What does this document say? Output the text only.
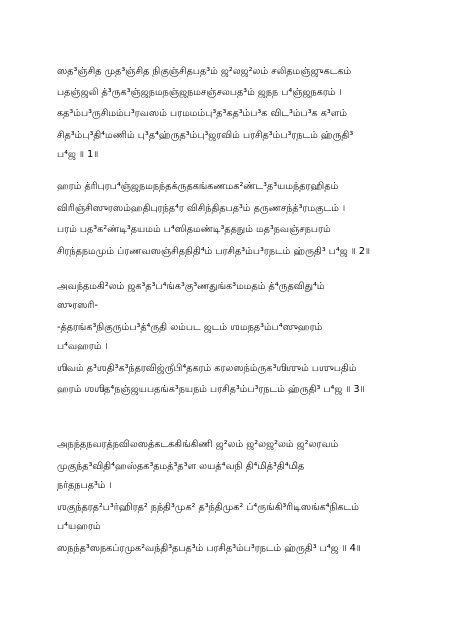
ஸத³ஞ்சித முத³ஞ்சித நிகுஞ்சிதபத³ம் ஜ²லஜ²லம் சலிதமஞ்ஜுகடகம்
பதஞ்ஜலி த்³ருக³ஞ்ஜநமநஞ்ஜநமசஞ்சலபத³ம் ஜநந ப⁴ஞ்ஜநகரம் ।
கத³ம்ப³ருசிமம்ப³ரவஸம் பரமமம்பு³த³கத³ம்ப³க விட³ம்ப³க க³ளம்
சித³ம்பு³தி⁴மணிம் பு³த⁴ஹ்ருத³ம்பு³ஜரவிம் பரசித³ம்ப³ரநடம் ஹ்ருதி³
ப⁴ஜ ॥ 1॥
ஹரம் த்ரிபுரப⁴ஞ்ஜநமநந்தக்ருதகங்கணமக²ண்ட³த³யமந்தரஹிதம்
விரிஞ்சிஸுரஸம்ஹதிபுரந்த⁴ர விசிந்திதபத³ம் தருணசந்த்³ரமகுடம் ।
பரம் பத³க²ண்டி³தயமம் ப⁴ஸிதமண்டி³ததநும் மத³நவஞ்சநபரம்
சிரந்தநமமும் ப்ரணவஸஞ்சிதநிதி⁴ம் பரசித³ம்ப³ரநடம் ஹ்ருதி³ ப⁴ஜ ॥ 2॥
அவந்தமகி²லம் ஜக³த³ப⁴ங்க³கு³ணதுங்க³மமதம் த்⁴ருதவிது⁴ம்
ஸுரஸரி-
-த்தரங்க³நிகுரும்ப³த்⁴ருதி லம்பட ஜடம் ஶமநத³ம்ப⁴ஸுஹரம்
ப⁴வஹரம் ।
ஶிவம் த³ஶதி³க³ந்தரவிஜ்ருஂபி⁴தகரம் கரலஸந்ம்ருக³ஶிஶும் பஶுபதிம்
ஹரம் ஶஶித⁴நஞ்ஜயபதங்க³நயநம் பரசித³ம்ப³ரநடம் ஹ்ருதி³ ப⁴ஜ ॥ 3॥
அநந்தநவரத்நவிலஸத்கடககிங்கிணி ஜ²லம் ஜ²லஜ²லம் ஜ²லரவம்
முகுந்த³விதி⁴ஹஸ்தக³தமத்³த³ள லயத்⁴வநி தி⁴மித்³தி⁴மித
நர்தநபத³ம் ।
ஶகுந்தரத²ப³ர்ஹிரத² நந்தி³முக² த³ந்திமுக² ப்⁴ருங்கி³ரிடிஸங்க⁴நிகடம்
ப⁴யஹரம்
ஸநந்த³ஸநகப்ரமுக²வந்தி³தபத³ம் பரசித³ம்ப³ரநடம் ஹ்ருதி³ ப⁴ஜ ॥ 4॥
